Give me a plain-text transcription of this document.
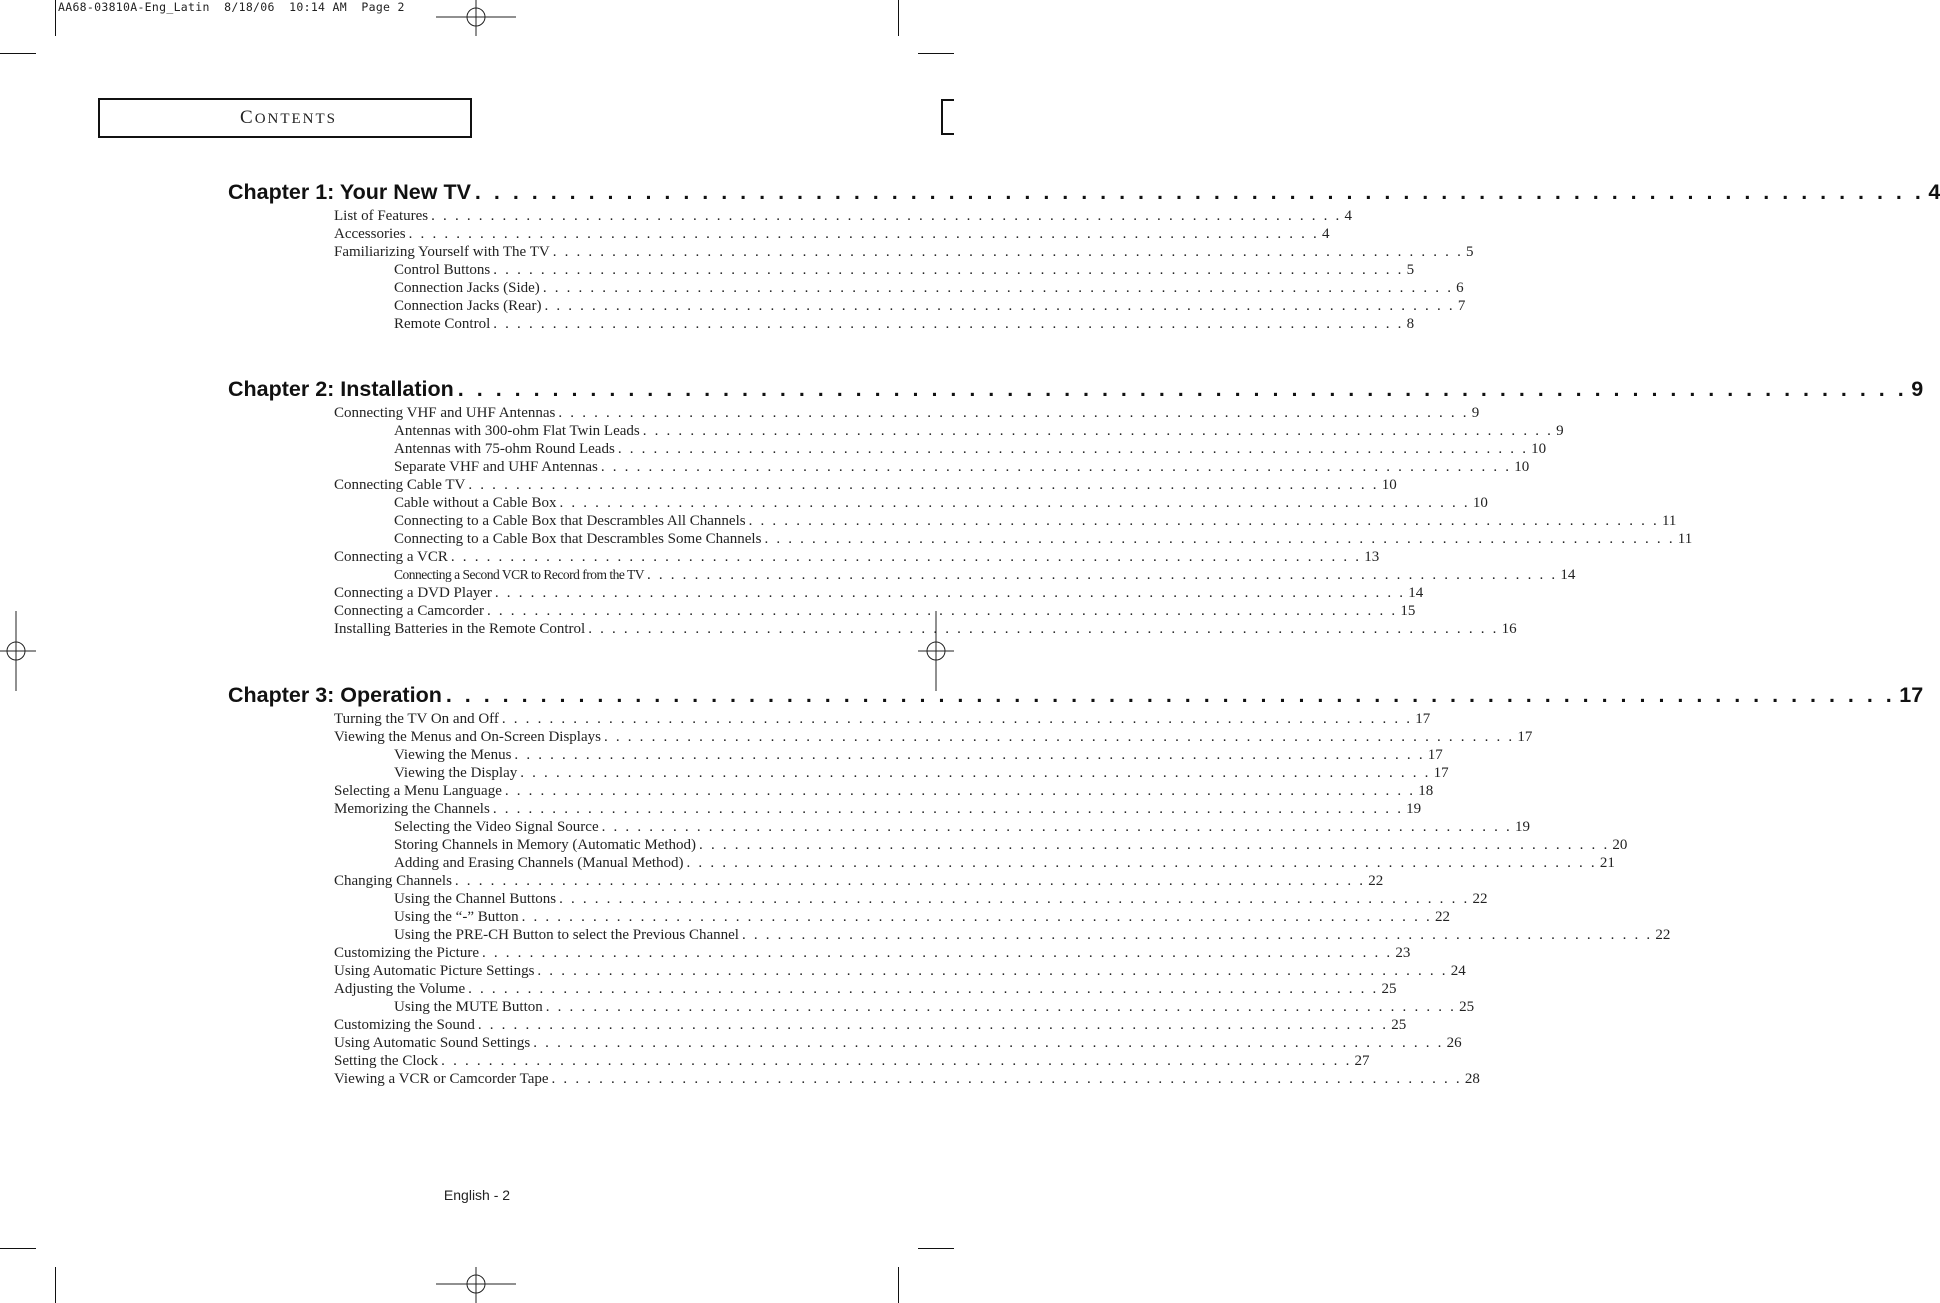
AA68-03810A-Eng_Latin  8/18/06  10:14 AM  Page 2
CONTENTS
Chapter 1: Your New TV . . . . . . . . . . . . . . . . . . . . . . . . . . . . . . . . . . . . . . . . . . . . . . . . . . . . . . . . . . . . . . . . . . . . . . . . . . . . . 4
List of Features . . . . . . . . . . . . . . . . . . . . . . . . . . . . . . . . . . . . . . . . . . . . . . . . . . . . . . . . . . . . . . . . . . . . . . . . . . . . . 4
Accessories . . . . . . . . . . . . . . . . . . . . . . . . . . . . . . . . . . . . . . . . . . . . . . . . . . . . . . . . . . . . . . . . . . . . . . . . . . . . . 4
Familiarizing Yourself with The TV . . . . . . . . . . . . . . . . . . . . . . . . . . . . . . . . . . . . . . . . . . . . . . . . . . . . . . . . . . . . . . . . . . . . . . . . . . . . . 5
Control Buttons . . . . . . . . . . . . . . . . . . . . . . . . . . . . . . . . . . . . . . . . . . . . . . . . . . . . . . . . . . . . . . . . . . . . . . . . . . . . . 5
Connection Jacks (Side) . . . . . . . . . . . . . . . . . . . . . . . . . . . . . . . . . . . . . . . . . . . . . . . . . . . . . . . . . . . . . . . . . . . . . . . . . . . . . 6
Connection Jacks (Rear) . . . . . . . . . . . . . . . . . . . . . . . . . . . . . . . . . . . . . . . . . . . . . . . . . . . . . . . . . . . . . . . . . . . . . . . . . . . . . 7
Remote Control . . . . . . . . . . . . . . . . . . . . . . . . . . . . . . . . . . . . . . . . . . . . . . . . . . . . . . . . . . . . . . . . . . . . . . . . . . . . . 8
Chapter 2: Installation . . . . . . . . . . . . . . . . . . . . . . . . . . . . . . . . . . . . . . . . . . . . . . . . . . . . . . . . . . . . . . . . . . . . . . . . . . . . . 9
Connecting VHF and UHF Antennas . . . . . . . . . . . . . . . . . . . . . . . . . . . . . . . . . . . . . . . . . . . . . . . . . . . . . . . . . . . . . . . . . . . . . . . . . . . . . 9
Antennas with 300-ohm Flat Twin Leads . . . . . . . . . . . . . . . . . . . . . . . . . . . . . . . . . . . . . . . . . . . . . . . . . . . . . . . . . . . . . . . . . . . . . . . . . . . . . 9
Antennas with 75-ohm Round Leads . . . . . . . . . . . . . . . . . . . . . . . . . . . . . . . . . . . . . . . . . . . . . . . . . . . . . . . . . . . . . . . . . . . . . . . . . . . . . 10
Separate VHF and UHF Antennas . . . . . . . . . . . . . . . . . . . . . . . . . . . . . . . . . . . . . . . . . . . . . . . . . . . . . . . . . . . . . . . . . . . . . . . . . . . . . 10
Connecting Cable TV . . . . . . . . . . . . . . . . . . . . . . . . . . . . . . . . . . . . . . . . . . . . . . . . . . . . . . . . . . . . . . . . . . . . . . . . . . . . . 10
Cable without a Cable Box . . . . . . . . . . . . . . . . . . . . . . . . . . . . . . . . . . . . . . . . . . . . . . . . . . . . . . . . . . . . . . . . . . . . . . . . . . . . . 10
Connecting to a Cable Box that Descrambles All Channels . . . . . . . . . . . . . . . . . . . . . . . . . . . . . . . . . . . . . . . . . . . . . . . . . . . . . . . . . . . . . . . . . . . . . . . . . . . . . 11
Connecting to a Cable Box that Descrambles Some Channels . . . . . . . . . . . . . . . . . . . . . . . . . . . . . . . . . . . . . . . . . . . . . . . . . . . . . . . . . . . . . . . . . . . . . . . . . . . . . 11
Connecting a VCR . . . . . . . . . . . . . . . . . . . . . . . . . . . . . . . . . . . . . . . . . . . . . . . . . . . . . . . . . . . . . . . . . . . . . . . . . . . . . 13
Connecting a Second VCR to Record from the TV . . . . . . . . . . . . . . . . . . . . . . . . . . . . . . . . . . . . . . . . . . . . . . . . . . . . . . . . . . . . . . . . . . . . . . . . . . . . . 14
Connecting a DVD Player . . . . . . . . . . . . . . . . . . . . . . . . . . . . . . . . . . . . . . . . . . . . . . . . . . . . . . . . . . . . . . . . . . . . . . . . . . . . . 14
Connecting a Camcorder . . . . . . . . . . . . . . . . . . . . . . . . . . . . . . . . . . . . . . . . . . . . . . . . . . . . . . . . . . . . . . . . . . . . . . . . . . . . . 15
Installing Batteries in the Remote Control . . . . . . . . . . . . . . . . . . . . . . . . . . . . . . . . . . . . . . . . . . . . . . . . . . . . . . . . . . . . . . . . . . . . . . . . . . . . . 16
Chapter 3: Operation . . . . . . . . . . . . . . . . . . . . . . . . . . . . . . . . . . . . . . . . . . . . . . . . . . . . . . . . . . . . . . . . . . . . . . . . . . . . . 17
Turning the TV On and Off . . . . . . . . . . . . . . . . . . . . . . . . . . . . . . . . . . . . . . . . . . . . . . . . . . . . . . . . . . . . . . . . . . . . . . . . . . . . . 17
Viewing the Menus and On-Screen Displays . . . . . . . . . . . . . . . . . . . . . . . . . . . . . . . . . . . . . . . . . . . . . . . . . . . . . . . . . . . . . . . . . . . . . . . . . . . . . 17
Viewing the Menus . . . . . . . . . . . . . . . . . . . . . . . . . . . . . . . . . . . . . . . . . . . . . . . . . . . . . . . . . . . . . . . . . . . . . . . . . . . . . 17
Viewing the Display . . . . . . . . . . . . . . . . . . . . . . . . . . . . . . . . . . . . . . . . . . . . . . . . . . . . . . . . . . . . . . . . . . . . . . . . . . . . . 17
Selecting a Menu Language . . . . . . . . . . . . . . . . . . . . . . . . . . . . . . . . . . . . . . . . . . . . . . . . . . . . . . . . . . . . . . . . . . . . . . . . . . . . . 18
Memorizing the Channels . . . . . . . . . . . . . . . . . . . . . . . . . . . . . . . . . . . . . . . . . . . . . . . . . . . . . . . . . . . . . . . . . . . . . . . . . . . . . 19
Selecting the Video Signal Source . . . . . . . . . . . . . . . . . . . . . . . . . . . . . . . . . . . . . . . . . . . . . . . . . . . . . . . . . . . . . . . . . . . . . . . . . . . . . 19
Storing Channels in Memory (Automatic Method) . . . . . . . . . . . . . . . . . . . . . . . . . . . . . . . . . . . . . . . . . . . . . . . . . . . . . . . . . . . . . . . . . . . . . . . . . . . . . 20
Adding and Erasing Channels (Manual Method) . . . . . . . . . . . . . . . . . . . . . . . . . . . . . . . . . . . . . . . . . . . . . . . . . . . . . . . . . . . . . . . . . . . . . . . . . . . . . 21
Changing Channels . . . . . . . . . . . . . . . . . . . . . . . . . . . . . . . . . . . . . . . . . . . . . . . . . . . . . . . . . . . . . . . . . . . . . . . . . . . . . 22
Using the Channel Buttons . . . . . . . . . . . . . . . . . . . . . . . . . . . . . . . . . . . . . . . . . . . . . . . . . . . . . . . . . . . . . . . . . . . . . . . . . . . . . 22
Using the “-” Button . . . . . . . . . . . . . . . . . . . . . . . . . . . . . . . . . . . . . . . . . . . . . . . . . . . . . . . . . . . . . . . . . . . . . . . . . . . . . 22
Using the PRE-CH Button to select the Previous Channel . . . . . . . . . . . . . . . . . . . . . . . . . . . . . . . . . . . . . . . . . . . . . . . . . . . . . . . . . . . . . . . . . . . . . . . . . . . . . 22
Customizing the Picture . . . . . . . . . . . . . . . . . . . . . . . . . . . . . . . . . . . . . . . . . . . . . . . . . . . . . . . . . . . . . . . . . . . . . . . . . . . . . 23
Using Automatic Picture Settings . . . . . . . . . . . . . . . . . . . . . . . . . . . . . . . . . . . . . . . . . . . . . . . . . . . . . . . . . . . . . . . . . . . . . . . . . . . . . 24
Adjusting the Volume . . . . . . . . . . . . . . . . . . . . . . . . . . . . . . . . . . . . . . . . . . . . . . . . . . . . . . . . . . . . . . . . . . . . . . . . . . . . . 25
Using the MUTE Button . . . . . . . . . . . . . . . . . . . . . . . . . . . . . . . . . . . . . . . . . . . . . . . . . . . . . . . . . . . . . . . . . . . . . . . . . . . . . 25
Customizing the Sound . . . . . . . . . . . . . . . . . . . . . . . . . . . . . . . . . . . . . . . . . . . . . . . . . . . . . . . . . . . . . . . . . . . . . . . . . . . . . 25
Using Automatic Sound Settings . . . . . . . . . . . . . . . . . . . . . . . . . . . . . . . . . . . . . . . . . . . . . . . . . . . . . . . . . . . . . . . . . . . . . . . . . . . . . 26
Setting the Clock . . . . . . . . . . . . . . . . . . . . . . . . . . . . . . . . . . . . . . . . . . . . . . . . . . . . . . . . . . . . . . . . . . . . . . . . . . . . . 27
Viewing a VCR or Camcorder Tape . . . . . . . . . . . . . . . . . . . . . . . . . . . . . . . . . . . . . . . . . . . . . . . . . . . . . . . . . . . . . . . . . . . . . . . . . . . . . 28
English - 2
